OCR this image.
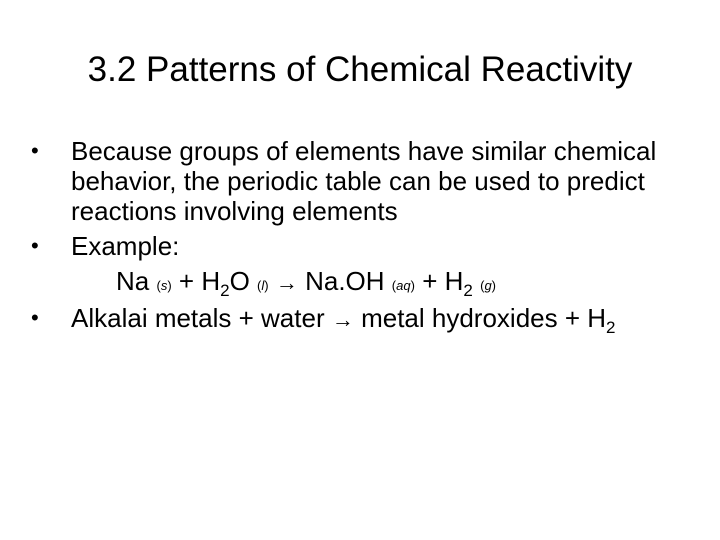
3.2 Patterns of Chemical Reactivity
• Because groups of elements have similar chemical behavior, the periodic table can be used to predict reactions involving elements
• Example:
Na $(s) + H_2O$ (l) → Na.OH $(aq) + H_2$ (g)
• Alkalai metals + water → metal hydroxides + $H_2$
